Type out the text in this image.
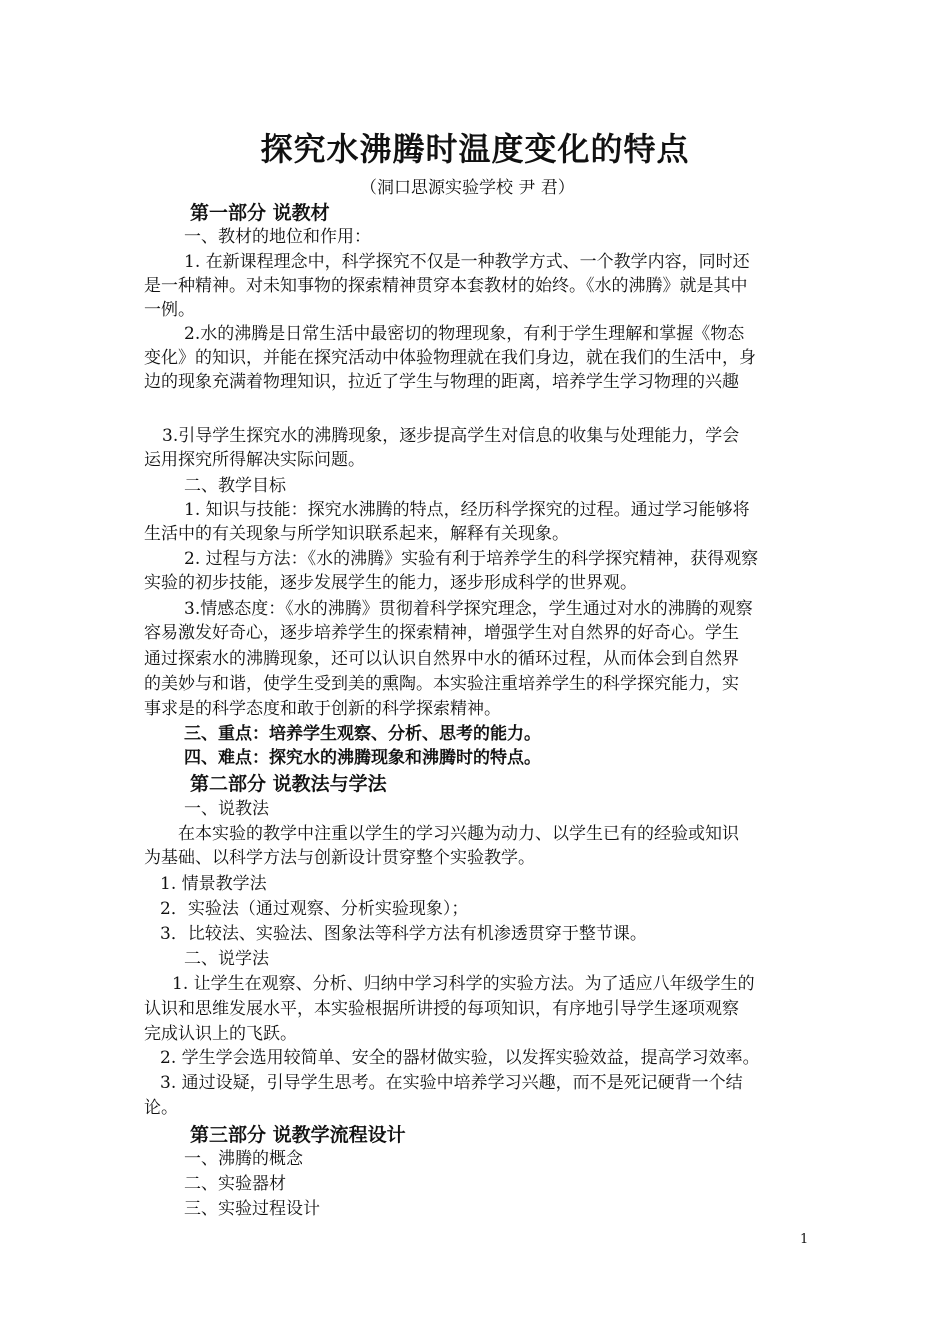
探究水沸腾时温度变化的特点
（洞口思源实验学校 尹 君）
第一部分 说教材
一、教材的地位和作用：
1. 在新课程理念中，科学探究不仅是一种教学方式、一个教学内容，同时还
是一种精神。对未知事物的探索精神贯穿本套教材的始终。《水的沸腾》就是其中
一例。
2.水的沸腾是日常生活中最密切的物理现象，有利于学生理解和掌握《物态
变化》的知识，并能在探究活动中体验物理就在我们身边，就在我们的生活中，身
边的现象充满着物理知识，拉近了学生与物理的距离，培养学生学习物理的兴趣
3.引导学生探究水的沸腾现象，逐步提高学生对信息的收集与处理能力，学会
运用探究所得解决实际问题。
二、教学目标
1. 知识与技能：探究水沸腾的特点，经历科学探究的过程。通过学习能够将
生活中的有关现象与所学知识联系起来，解释有关现象。
2. 过程与方法：《水的沸腾》实验有利于培养学生的科学探究精神，获得观察
实验的初步技能，逐步发展学生的能力，逐步形成科学的世界观。
3.情感态度：《水的沸腾》贯彻着科学探究理念，学生通过对水的沸腾的观察
容易激发好奇心，逐步培养学生的探索精神，增强学生对自然界的好奇心。学生
通过探索水的沸腾现象，还可以认识自然界中水的循环过程，从而体会到自然界
的美妙与和谐，使学生受到美的熏陶。本实验注重培养学生的科学探究能力，实
事求是的科学态度和敢于创新的科学探索精神。
三、重点：培养学生观察、分析、思考的能力。
四、难点：探究水的沸腾现象和沸腾时的特点。
第二部分 说教法与学法
一、说教法
在本实验的教学中注重以学生的学习兴趣为动力、以学生已有的经验或知识
为基础、以科学方法与创新设计贯穿整个实验教学。
1. 情景教学法
2．实验法（通过观察、分析实验现象）；
3．比较法、实验法、图象法等科学方法有机渗透贯穿于整节课。
二、说学法
1. 让学生在观察、分析、归纳中学习科学的实验方法。为了适应八年级学生的
认识和思维发展水平，本实验根据所讲授的每项知识，有序地引导学生逐项观察
完成认识上的飞跃。
2. 学生学会选用较简单、安全的器材做实验，以发挥实验效益，提高学习效率。
3. 通过设疑，引导学生思考。在实验中培养学习兴趣，而不是死记硬背一个结
论。
第三部分 说教学流程设计
一、沸腾的概念
二、实验器材
三、实验过程设计
1
